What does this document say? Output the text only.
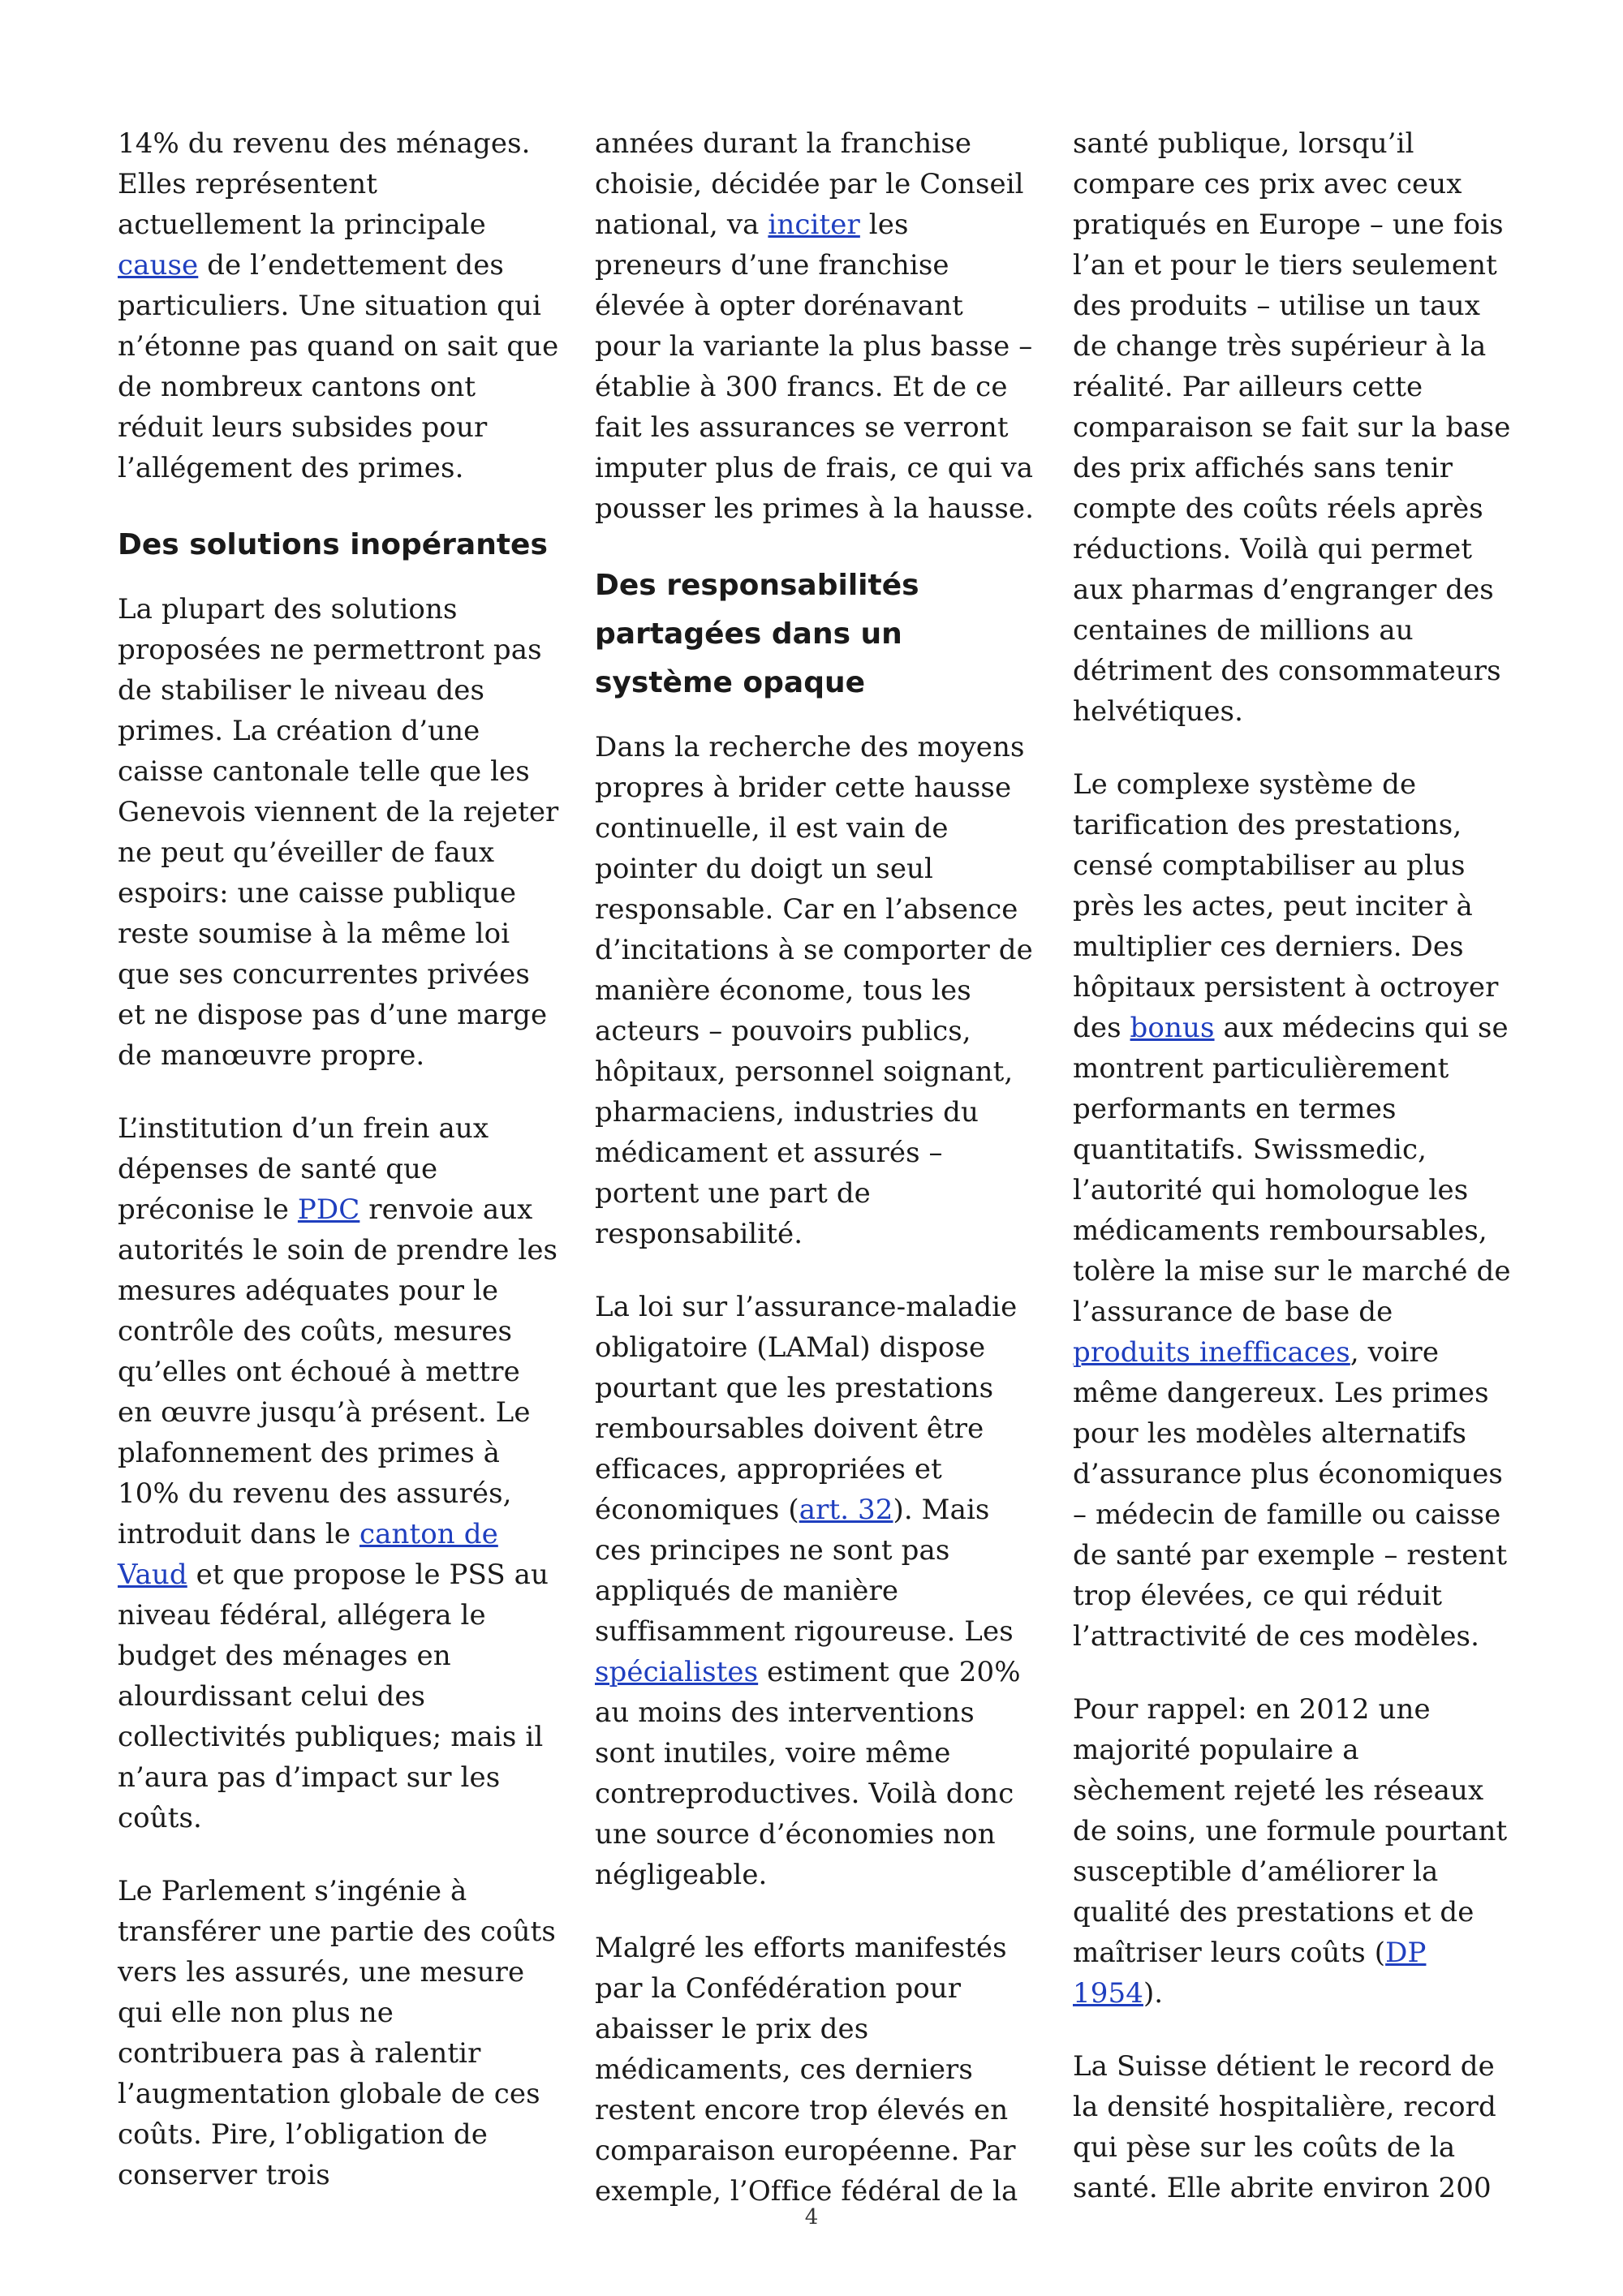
14% du revenu des ménages. Elles représentent actuellement la principale cause de l’endettement des particuliers. Une situation qui n’étonne pas quand on sait que de nombreux cantons ont réduit leurs subsides pour l’allégement des primes.

Des solutions inopérantes

La plupart des solutions proposées ne permettront pas de stabiliser le niveau des primes. La création d’une caisse cantonale telle que les Genevois viennent de la rejeter ne peut qu’éveiller de faux espoirs: une caisse publique reste soumise à la même loi que ses concurrentes privées et ne dispose pas d’une marge de manœuvre propre.

L’institution d’un frein aux dépenses de santé que préconise le PDC renvoie aux autorités le soin de prendre les mesures adéquates pour le contrôle des coûts, mesures qu’elles ont échoué à mettre en œuvre jusqu’à présent. Le plafonnement des primes à 10% du revenu des assurés, introduit dans le canton de Vaud et que propose le PSS au niveau fédéral, allégera le budget des ménages en alourdissant celui des collectivités publiques; mais il n’aura pas d’impact sur les coûts.

Le Parlement s’ingénie à transférer une partie des coûts vers les assurés, une mesure qui elle non plus ne contribuera pas à ralentir l’augmentation globale de ces coûts. Pire, l’obligation de conserver trois

années durant la franchise choisie, décidée par le Conseil national, va inciter les preneurs d’une franchise élevée à opter dorénavant pour la variante la plus basse – établie à 300 francs. Et de ce fait les assurances se verront imputer plus de frais, ce qui va pousser les primes à la hausse.

Des responsabilités partagées dans un système opaque

Dans la recherche des moyens propres à brider cette hausse continuelle, il est vain de pointer du doigt un seul responsable. Car en l’absence d’incitations à se comporter de manière économe, tous les acteurs – pouvoirs publics, hôpitaux, personnel soignant, pharmaciens, industries du médicament et assurés – portent une part de responsabilité.

La loi sur l’assurance-maladie obligatoire (LAMal) dispose pourtant que les prestations remboursables doivent être efficaces, appropriées et économiques (art. 32). Mais ces principes ne sont pas appliqués de manière suffisamment rigoureuse. Les spécialistes estiment que 20% au moins des interventions sont inutiles, voire même contreproductives. Voilà donc une source d’économies non négligeable.

Malgré les efforts manifestés par la Confédération pour abaisser le prix des médicaments, ces derniers restent encore trop élevés en comparaison européenne. Par exemple, l’Office fédéral de la

santé publique, lorsqu’il compare ces prix avec ceux pratiqués en Europe – une fois l’an et pour le tiers seulement des produits – utilise un taux de change très supérieur à la réalité. Par ailleurs cette comparaison se fait sur la base des prix affichés sans tenir compte des coûts réels après réductions. Voilà qui permet aux pharmas d’engranger des centaines de millions au détriment des consommateurs helvétiques.

Le complexe système de tarification des prestations, censé comptabiliser au plus près les actes, peut inciter à multiplier ces derniers. Des hôpitaux persistent à octroyer des bonus aux médecins qui se montrent particulièrement performants en termes quantitatifs. Swissmedic, l’autorité qui homologue les médicaments remboursables, tolère la mise sur le marché de l’assurance de base de produits inefficaces, voire même dangereux. Les primes pour les modèles alternatifs d’assurance plus économiques – médecin de famille ou caisse de santé par exemple – restent trop élevées, ce qui réduit l’attractivité de ces modèles.

Pour rappel: en 2012 une majorité populaire a sèchement rejeté les réseaux de soins, une formule pourtant susceptible d’améliorer la qualité des prestations et de maîtriser leurs coûts (DP 1954).

La Suisse détient le record de la densité hospitalière, record qui pèse sur les coûts de la santé. Elle abrite environ 200

4
